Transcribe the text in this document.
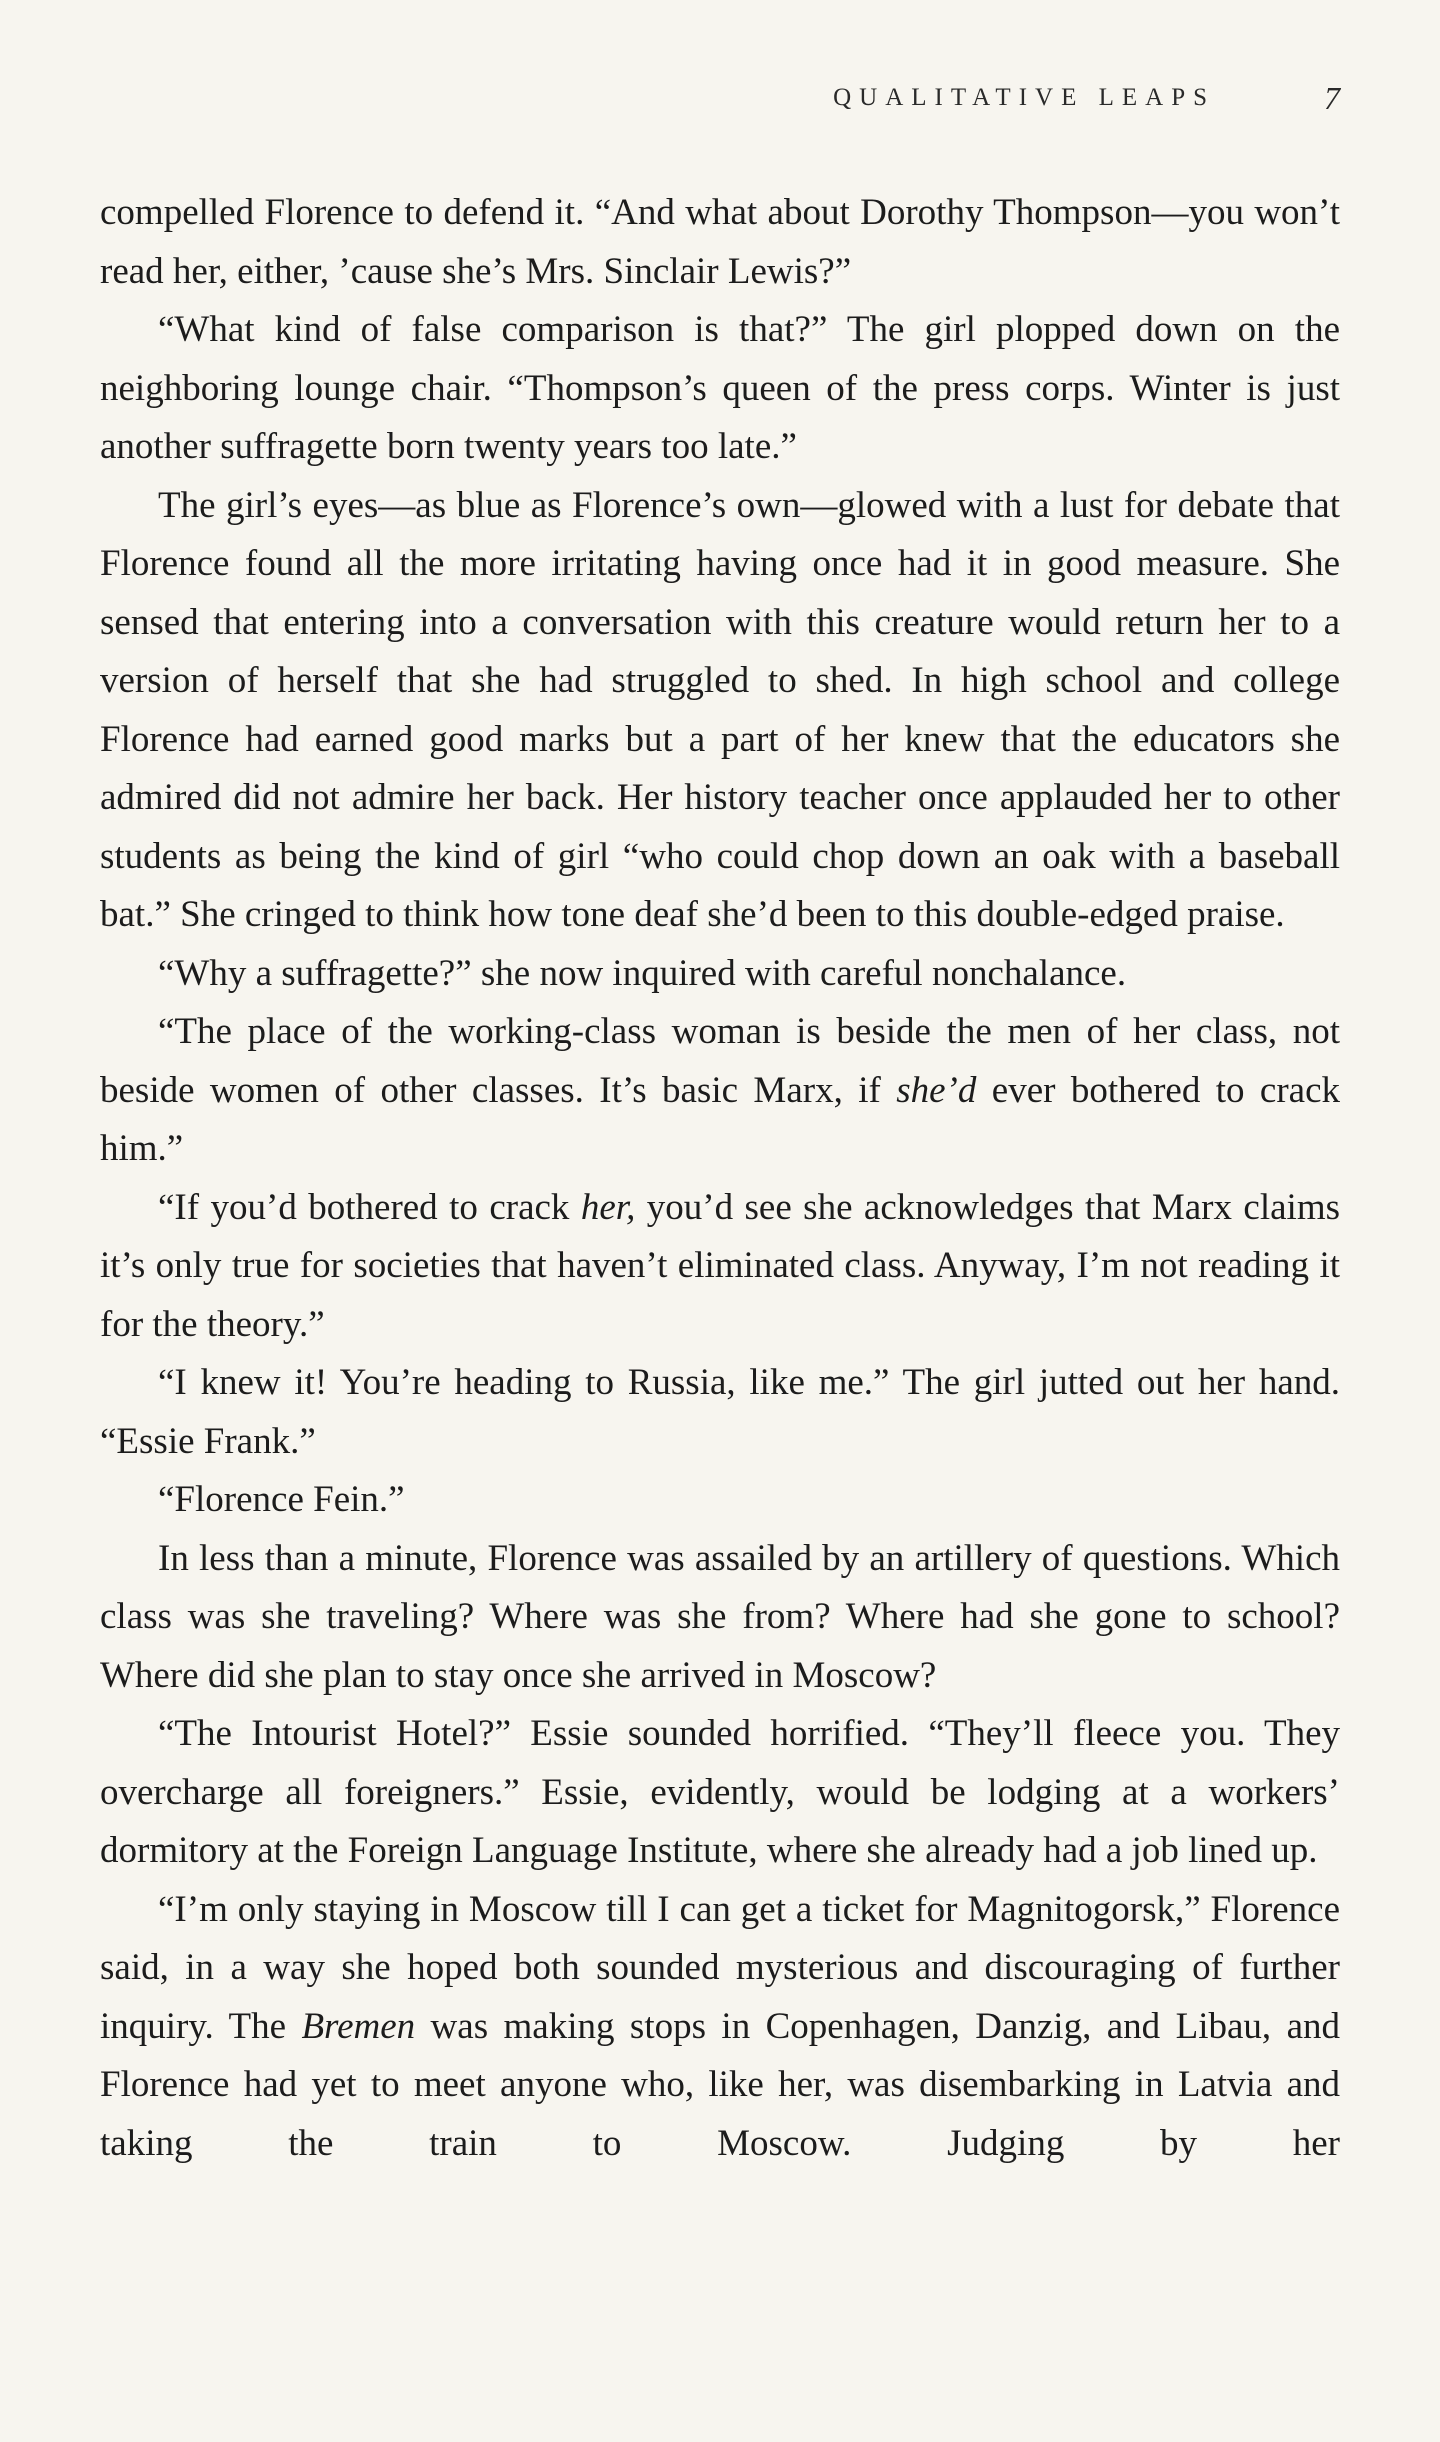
QUALITATIVE LEAPS	7

compelled Florence to defend it. “And what about Dorothy Thompson—you won’t read her, either, ’cause she’s Mrs. Sinclair Lewis?”

“What kind of false comparison is that?” The girl plopped down on the neighboring lounge chair. “Thompson’s queen of the press corps. Winter is just another suffragette born twenty years too late.”

The girl’s eyes—as blue as Florence’s own—glowed with a lust for debate that Florence found all the more irritating having once had it in good measure. She sensed that entering into a conversation with this creature would return her to a version of herself that she had struggled to shed. In high school and college Florence had earned good marks but a part of her knew that the educators she admired did not admire her back. Her history teacher once applauded her to other students as being the kind of girl “who could chop down an oak with a baseball bat.” She cringed to think how tone deaf she’d been to this double-edged praise.

“Why a suffragette?” she now inquired with careful nonchalance.

“The place of the working-class woman is beside the men of her class, not beside women of other classes. It’s basic Marx, if she’d ever bothered to crack him.”

“If you’d bothered to crack her, you’d see she acknowledges that Marx claims it’s only true for societies that haven’t eliminated class. Anyway, I’m not reading it for the theory.”

“I knew it! You’re heading to Russia, like me.” The girl jutted out her hand. “Essie Frank.”

“Florence Fein.”

In less than a minute, Florence was assailed by an artillery of questions. Which class was she traveling? Where was she from? Where had she gone to school? Where did she plan to stay once she arrived in Moscow?

“The Intourist Hotel?” Essie sounded horrified. “They’ll fleece you. They overcharge all foreigners.” Essie, evidently, would be lodging at a workers’ dormitory at the Foreign Language Institute, where she already had a job lined up.

“I’m only staying in Moscow till I can get a ticket for Magnitogorsk,” Florence said, in a way she hoped both sounded mysterious and discouraging of further inquiry. The Bremen was making stops in Copenhagen, Danzig, and Libau, and Florence had yet to meet anyone who, like her, was disembarking in Latvia and taking the train to Moscow. Judging by her
